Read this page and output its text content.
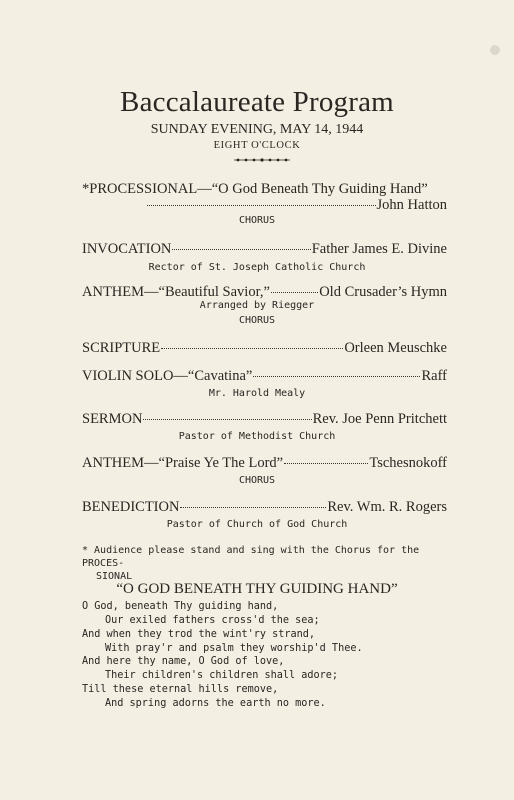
Baccalaureate Program
SUNDAY EVENING, MAY 14, 1944
EIGHT O'CLOCK
*PROCESSIONAL—“O God Beneath Thy Guiding Hand”
John Hatton
CHORUS
INVOCATION	Father James E. Divine
Rector of St. Joseph Catholic Church
ANTHEM—“Beautiful Savior,”	Old Crusader’s Hymn
Arranged by Riegger
CHORUS
SCRIPTURE	Orleen Meuschke
VIOLIN SOLO—“Cavatina”	Raff
Mr. Harold Mealy
SERMON	Rev. Joe Penn Pritchett
Pastor of Methodist Church
ANTHEM—“Praise Ye The Lord”	Tschesnokoff
CHORUS
BENEDICTION	Rev. Wm. R. Rogers
Pastor of Church of God Church
* Audience please stand and sing with the Chorus for the PROCES-
SIONAL
“O GOD BENEATH THY GUIDING HAND”
O God, beneath Thy guiding hand,
Our exiled fathers cross'd the sea;
And when they trod the wint'ry strand,
With pray'r and psalm they worship'd Thee.
And here thy name, O God of love,
Their children's children shall adore;
Till these eternal hills remove,
And spring adorns the earth no more.
